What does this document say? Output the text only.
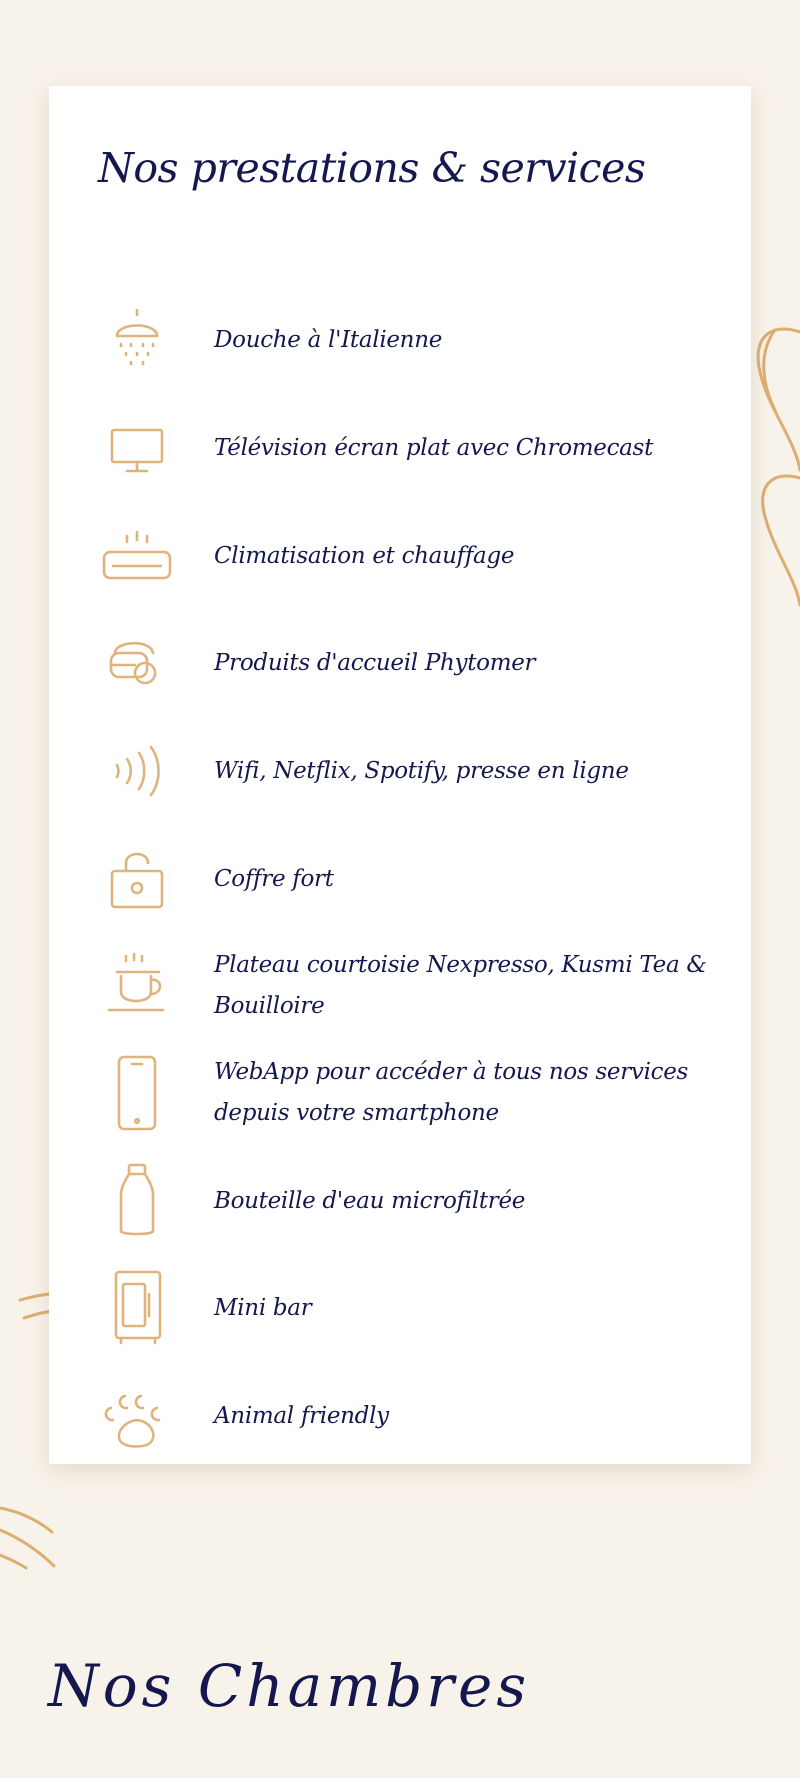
Nos prestations & services
Douche à l'Italienne
Télévision écran plat avec Chromecast
Climatisation et chauffage
Produits d'accueil Phytomer
Wifi, Netflix, Spotify, presse en ligne
Coffre fort
Plateau courtoisie Nexpresso, Kusmi Tea & Bouilloire
WebApp pour accéder à tous nos services depuis votre smartphone
Bouteille d'eau microfiltrée
Mini bar
Animal friendly
Nos Chambres
